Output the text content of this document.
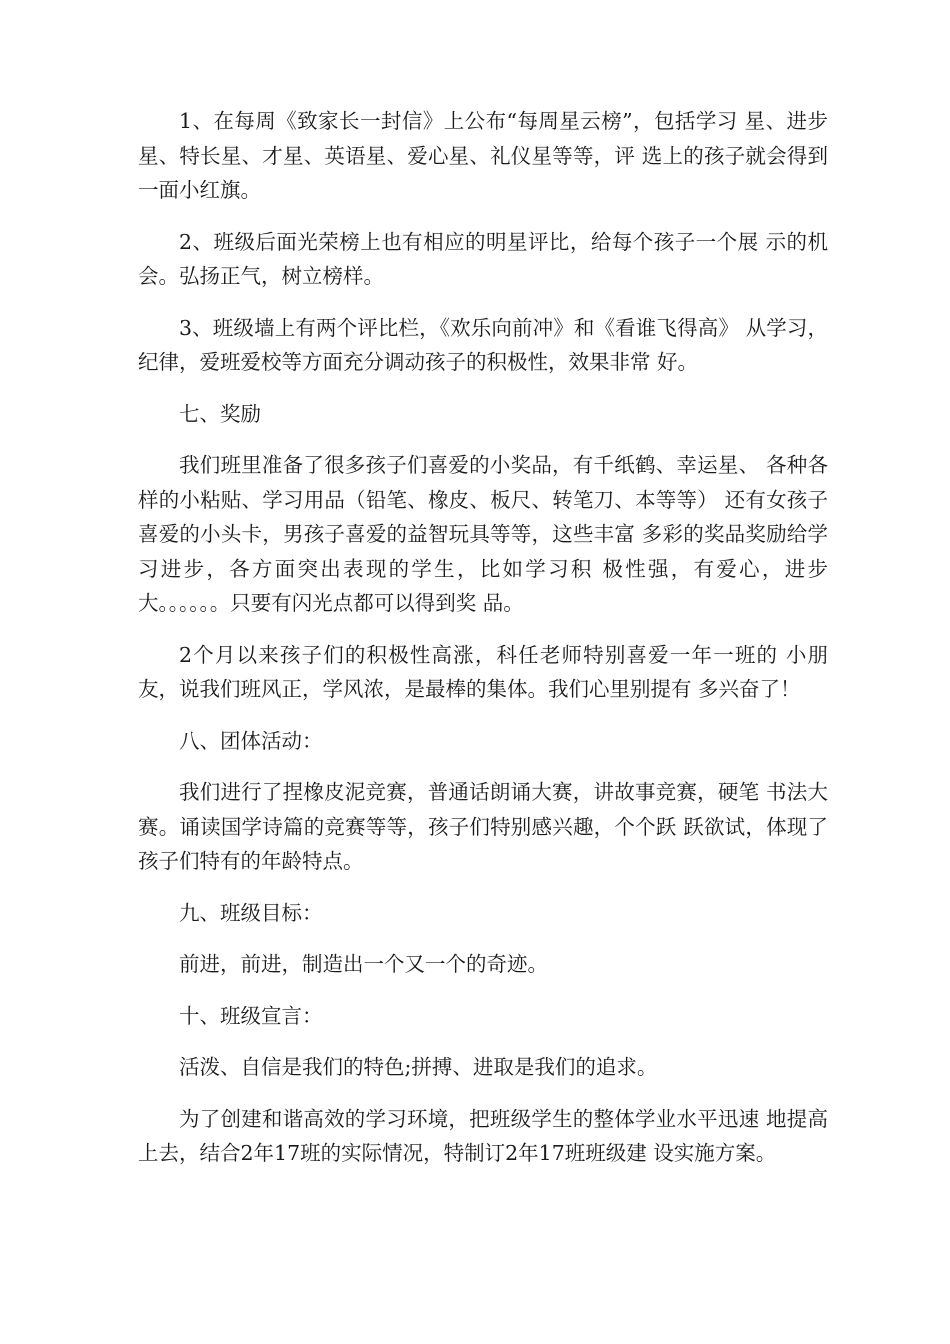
1、在每周《致家长一封信》上公布“每周星云榜”，包括学习 星、进步星、特长星、才星、英语星、爱心星、礼仪星等等，评 选上的孩子就会得到一面小红旗。

2、班级后面光荣榜上也有相应的明星评比，给每个孩子一个展 示的机会。弘扬正气，树立榜样。

3、班级墙上有两个评比栏，《欢乐向前冲》和《看谁飞得高》 从学习，纪律，爱班爱校等方面充分调动孩子的积极性，效果非常 好。

七、奖励

我们班里准备了很多孩子们喜爱的小奖品，有千纸鹤、幸运星、 各种各样的小粘贴、学习用品（铅笔、橡皮、板尺、转笔刀、本等等） 还有女孩子喜爱的小头卡，男孩子喜爱的益智玩具等等，这些丰富 多彩的奖品奖励给学习进步，各方面突出表现的学生，比如学习积 极性强，有爱心，进步大。。。。。。只要有闪光点都可以得到奖 品。

2个月以来孩子们的积极性高涨，科任老师特别喜爱一年一班的 小朋友，说我们班风正，学风浓，是最棒的集体。我们心里别提有 多兴奋了！

八、团体活动：

我们进行了捏橡皮泥竞赛，普通话朗诵大赛，讲故事竞赛，硬笔 书法大赛。诵读国学诗篇的竞赛等等，孩子们特别感兴趣，个个跃 跃欲试，体现了孩子们特有的年龄特点。

九、班级目标：

前进，前进，制造出一个又一个的奇迹。

十、班级宣言：

活泼、自信是我们的特色;拼搏、进取是我们的追求。

为了创建和谐高效的学习环境，把班级学生的整体学业水平迅速 地提高上去，结合2年17班的实际情况，特制订2年17班班级建 设实施方案。
